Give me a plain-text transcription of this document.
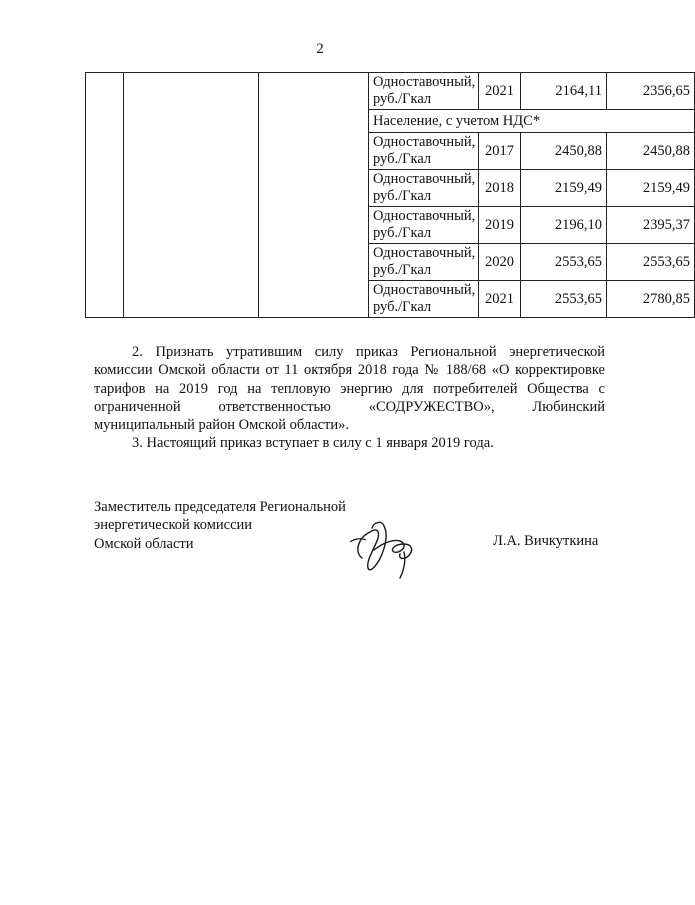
2
			Одноставочный, руб./Гкал	2021	2164,11	2356,65
			Население, с учетом НДС*			
			Одноставочный, руб./Гкал	2017	2450,88	2450,88
			Одноставочный, руб./Гкал	2018	2159,49	2159,49
			Одноставочный, руб./Гкал	2019	2196,10	2395,37
			Одноставочный, руб./Гкал	2020	2553,65	2553,65
			Одноставочный, руб./Гкал	2021	2553,65	2780,85

2. Признать утратившим силу приказ Региональной энергетической комиссии Омской области от 11 октября 2018 года № 188/68 «О корректировке тарифов на 2019 год на тепловую энергию для потребителей Общества с ограниченной ответственностью «СОДРУЖЕСТВО», Любинский муниципальный район Омской области».

3. Настоящий приказ вступает в силу с 1 января 2019 года.

Заместитель председателя Региональной
энергетической комиссии
Омской области	Л.А. Вичкуткина
